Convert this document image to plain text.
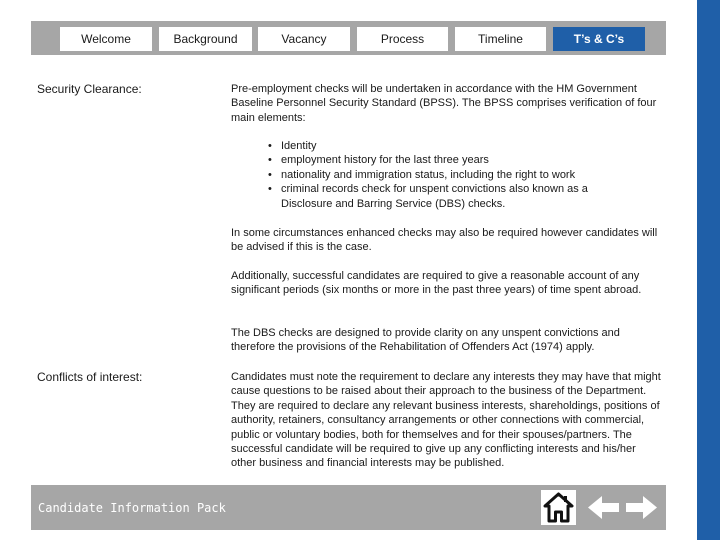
Welcome	Background	Vacancy	Process	Timeline	T’s & C’s
Security Clearance:	Pre-employment checks will be undertaken in accordance with the HM Government Baseline Personnel Security Standard (BPSS). The BPSS comprises verification of four main elements:

• Identity
• employment history for the last three years
• nationality and immigration status, including the right to work
• criminal records check for unspent convictions also known as a Disclosure and Barring Service (DBS) checks.

In some circumstances enhanced checks may also be required however candidates will be advised if this is the case.

Additionally, successful candidates are required to give a reasonable account of any significant periods (six months or more in the past three years) of time spent abroad.

The DBS checks are designed to provide clarity on any unspent convictions and therefore the provisions of the Rehabilitation of Offenders Act (1974) apply.

Conflicts of interest:	Candidates must note the requirement to declare any interests they may have that might cause questions to be raised about their approach to the business of the Department. They are required to declare any relevant business interests, shareholdings, positions of authority, retainers, consultancy arrangements or other connections with commercial, public or voluntary bodies, both for themselves and for their spouses/partners. The successful candidate will be required to give up any conflicting interests and his/her other business and financial interests may be published.

Candidate Information Pack
